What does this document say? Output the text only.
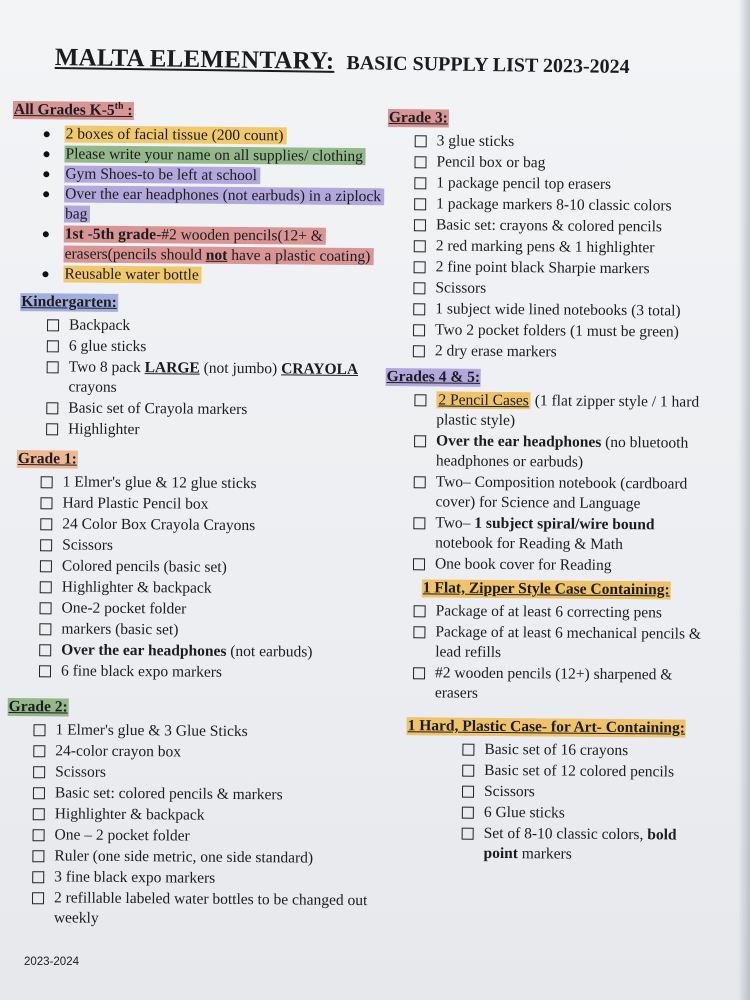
MALTA ELEMENTARY: BASIC SUPPLY LIST 2023-2024
All Grades K-5th :
2 boxes of facial tissue (200 count)
Please write your name on all supplies/ clothing
Gym Shoes-to be left at school
Over the ear headphones (not earbuds) in a ziplock bag
1st -5th grade-#2 wooden pencils(12+ & erasers(pencils should not have a plastic coating)
Reusable water bottle
Kindergarten:
Backpack
6 glue sticks
Two 8 pack LARGE (not jumbo) CRAYOLA crayons
Basic set of Crayola markers
Highlighter
Grade 1:
1 Elmer's glue & 12 glue sticks
Hard Plastic Pencil box
24 Color Box Crayola Crayons
Scissors
Colored pencils (basic set)
Highlighter & backpack
One-2 pocket folder
markers (basic set)
Over the ear headphones (not earbuds)
6 fine black expo markers
Grade 2:
1 Elmer's glue & 3 Glue Sticks
24-color crayon box
Scissors
Basic set: colored pencils & markers
Highlighter & backpack
One – 2 pocket folder
Ruler (one side metric, one side standard)
3 fine black expo markers
2 refillable labeled water bottles to be changed out weekly
Grade 3:
3 glue sticks
Pencil box or bag
1 package pencil top erasers
1 package markers 8-10 classic colors
Basic set: crayons & colored pencils
2 red marking pens & 1 highlighter
2 fine point black Sharpie markers
Scissors
1 subject wide lined notebooks (3 total)
Two 2 pocket folders (1 must be green)
2 dry erase markers
Grades 4 & 5:
2 Pencil Cases (1 flat zipper style / 1 hard plastic style)
Over the ear headphones (no bluetooth headphones or earbuds)
Two– Composition notebook (cardboard cover) for Science and Language
Two– 1 subject spiral/wire bound notebook for Reading & Math
One book cover for Reading
1 Flat, Zipper Style Case Containing:
Package of at least 6 correcting pens
Package of at least 6 mechanical pencils & lead refills
#2 wooden pencils (12+) sharpened & erasers
1 Hard, Plastic Case- for Art- Containing:
Basic set of 16 crayons
Basic set of 12 colored pencils
Scissors
6 Glue sticks
Set of 8-10 classic colors, bold point markers
2023-2024
